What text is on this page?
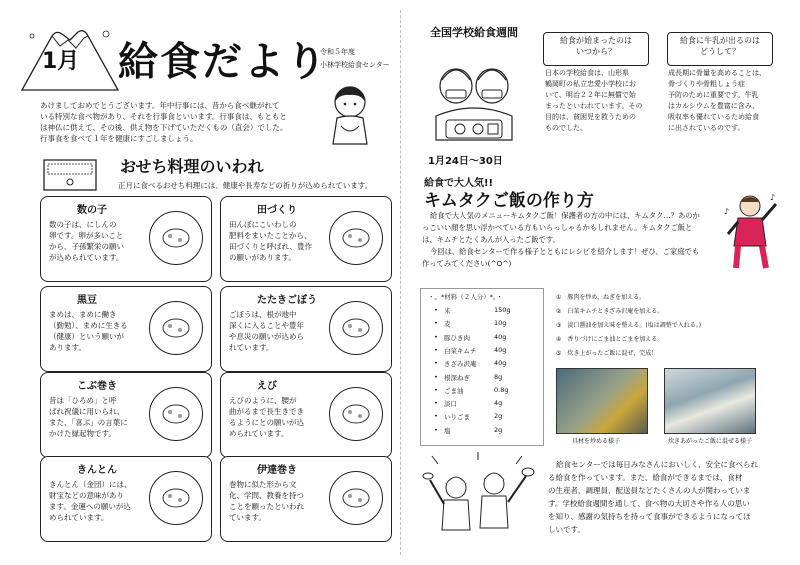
1月 給食だより
令和５年度
小林学校給食センター
あけましておめでとうございます。年中行事には、昔から食べ継がれて
いる特別な食べ物があり、それを行事食といいます。行事食は、もともと
は神仏に供えて、その後、供え物を下げていただくもの（直会）でした。
行事食を食べて１年を健康にすごしましょう。
おせち料理のいわれ
正月に食べるおせち料理には、健康や長寿などの祈りが込められています。
数の子
数の子は、にしんの
卵です。卵が多いこと
から、子孫繁栄の願い
が込められています。
田づくり
田んぼにこいわしの
肥料をまいたことから、
田づくりと呼ばれ、豊作
の願いがあります。
黒豆
まめは、まめに働き
（勤勉）、まめに生きる
（健康）という願いが
あります。
たたきごぼう
ごぼうは、根が地中
深くに入ることや豊年
や息災の願いが込めら
れています。
こぶ巻き
昔は「ひろめ」と呼
ばれ祝儀に用いられ、
また、「喜ぶ」の言葉に
かけた縁起物です。
えび
えびのように、腰が
曲がるまで長生きでき
るようにとの願いが込
められています。
きんとん
きんとん（金団）には、
財宝などの意味があり
ます。金運への願いが込
められています。
伊達巻き
巻物に似た形から文
化、学問、教養を持つ
ことを願ったといわれ
ています。
全国学校給食週間
1月24日～30日
給食が始まったのは
いつから？
給食に牛乳が出るのは
どうして？
日本の学校給食は、山形県
鶴岡町の私立忠愛小学校にお
いて、明治２２年に無償で始
まったといわれています。その
目的は、貧困児を救うための
ものでした。
成長期に骨量を高めることは、
骨づくりや骨粗しょう症
予防のために重要です。牛乳
はカルシウムを豊富に含み、
吸収率も優れているため給食
に出されているのです。
給食で大人気!!
キムタクご飯の作り方	♪
♪
給食で大人気のメニューキムタクご飯！保護者の方の中には、キムタク…？あのか
っこいい顔を思い浮かべている方もいらっしゃるかもしれません。キムタクご飯と
は、キムチとたくあんが入ったご飯です。
今回は、給食センターで作る様子とともにレシピを紹介します！ぜひ、ご家庭でも
作ってみてください(^O^)
・。*材料（２人分）*。・
• 米	150g
• 麦	10g
• 豚ひき肉	40g
• 白菜キムチ	40g
• きざみ沢庵	40g
• 根深ねぎ	8g
• ごま油	0.8g
• 淡口	4g
• いりごま	2g
• 塩	2g
①　豚肉を炒め、ねぎを加える。
②　白菜キムチときざみ沢庵を加える。
③　淡口醤油を加え味を整える。(塩は調整で入れる。)
④　香りづけにごま油とごまを加える。
⑤　炊き上がったご飯に混ぜ、完成！
具材を炒める様子	炊きあがったご飯に混ぜる様子
給食センターでは毎日みなさんにおいしく、安全に食べられ
る給食を作っています。また、給食ができるまでは、食材
の生産者、調理員、配送員などたくさんの人が関わっていま
す。学校給食週間を通して、食べ物の大切さや作る人の思い
を知り、感謝の気持ちを持って食事ができるようになってほ
しいです。
